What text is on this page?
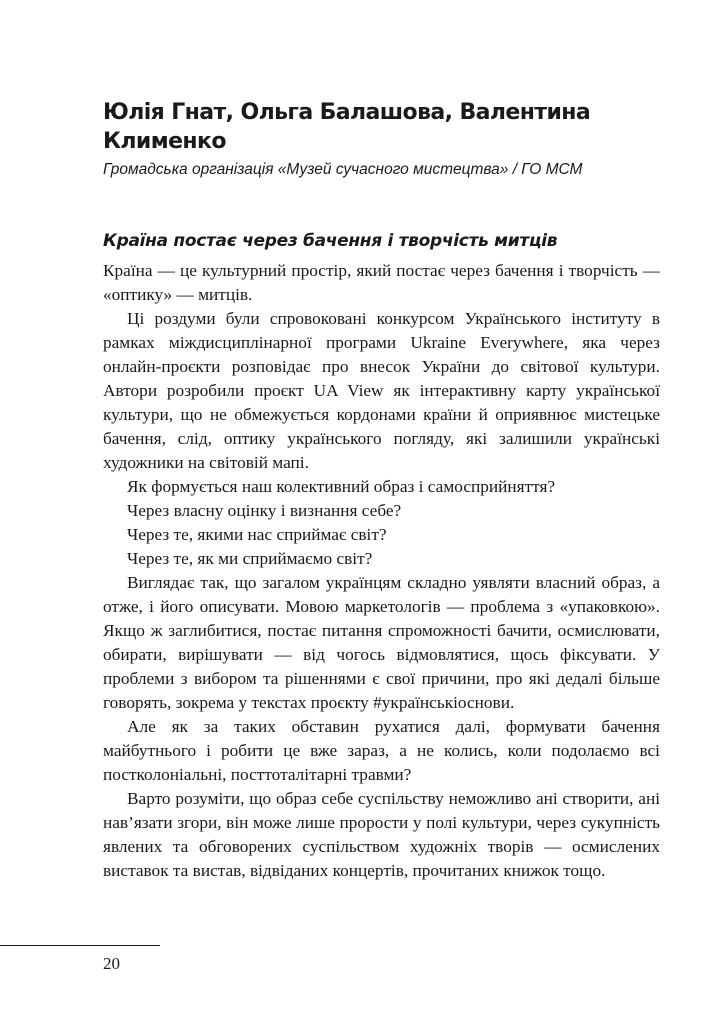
Юлія Гнат, Ольга Балашова, Валентина Клименко
Громадська організація «Музей сучасного мистецтва» / ГО МСМ
Країна постає через бачення і творчість митців

Країна — це культурний простір, який постає через бачення і творчість — «оптику» — митців.

Ці роздуми були спровоковані конкурсом Українського інституту в рамках міждисциплінарної програми Ukraine Everywhere, яка через онлайн-проєкти розповідає про внесок України до світової культури. Автори розробили проєкт UA View як інтерактивну карту української культури, що не обмежується кордонами країни й оприявнює мистецьке бачення, слід, оптику українського погляду, які залишили українські художники на світовій мапі.

Як формується наш колективний образ і самосприйняття?

Через власну оцінку і визнання себе?

Через те, якими нас сприймає світ?

Через те, як ми сприймаємо світ?

Виглядає так, що загалом українцям складно уявляти власний образ, а отже, і його описувати. Мовою маркетологів — проблема з «упаковкою». Якщо ж заглибитися, постає питання спроможності бачити, осмислювати, обирати, вирішувати — від чогось відмовлятися, щось фіксувати. У проблеми з вибором та рішеннями є свої причини, про які дедалі більше говорять, зокрема у текстах проєкту #українськіоснови.

Але як за таких обставин рухатися далі, формувати бачення майбутнього і робити це вже зараз, а не колись, коли подолаємо всі постколоніальні, посттоталітарні травми?

Варто розуміти, що образ себе суспільству неможливо ані створити, ані нав’язати згори, він може лише прорости у полі культури, через сукупність явлених та обговорених суспільством художніх творів — осмислених виставок та вистав, відвіданих концертів, прочитаних книжок тощо.

20
